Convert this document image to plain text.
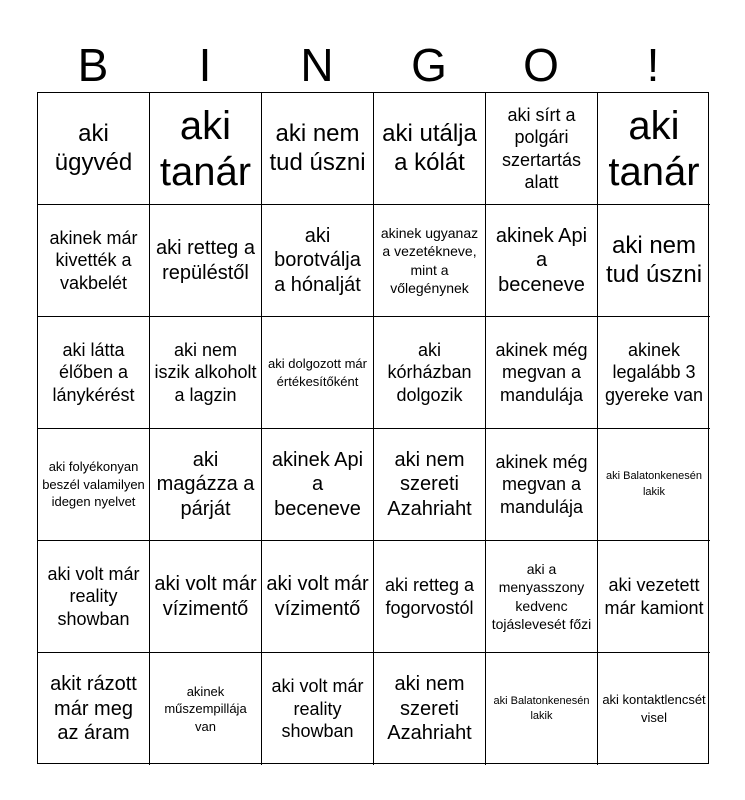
B	I	N	G	O	!
aki ügyvéd
aki tanár
aki nem tud úszni
aki utálja a kólát
aki sírt a polgári szertartás alatt
aki tanár
akinek már kivették a vakbelét
aki retteg a repüléstől
aki borotválja a hónalját
akinek ugyanaz a vezetékneve, mint a vőlegénynek
akinek Api a beceneve
aki nem tud úszni
aki látta élőben a lánykérést
aki nem iszik alkoholt a lagzin
aki dolgozott már értékesítőként
aki kórházban dolgozik
akinek még megvan a mandulája
akinek legalább 3 gyereke van
aki folyékonyan beszél valamilyen idegen nyelvet
aki magázza a párját
akinek Api a beceneve
aki nem szereti Azahriaht
akinek még megvan a mandulája
aki Balatonkenesén lakik
aki volt már reality showban
aki volt már vízimentő
aki volt már vízimentő
aki retteg a fogorvostól
aki a menyasszony kedvenc tojáslevesét főzi
aki vezetett már kamiont
akit rázott már meg az áram
akinek műszempillája van
aki volt már reality showban
aki nem szereti Azahriaht
aki Balatonkenesén lakik
aki kontaktlencsét visel
